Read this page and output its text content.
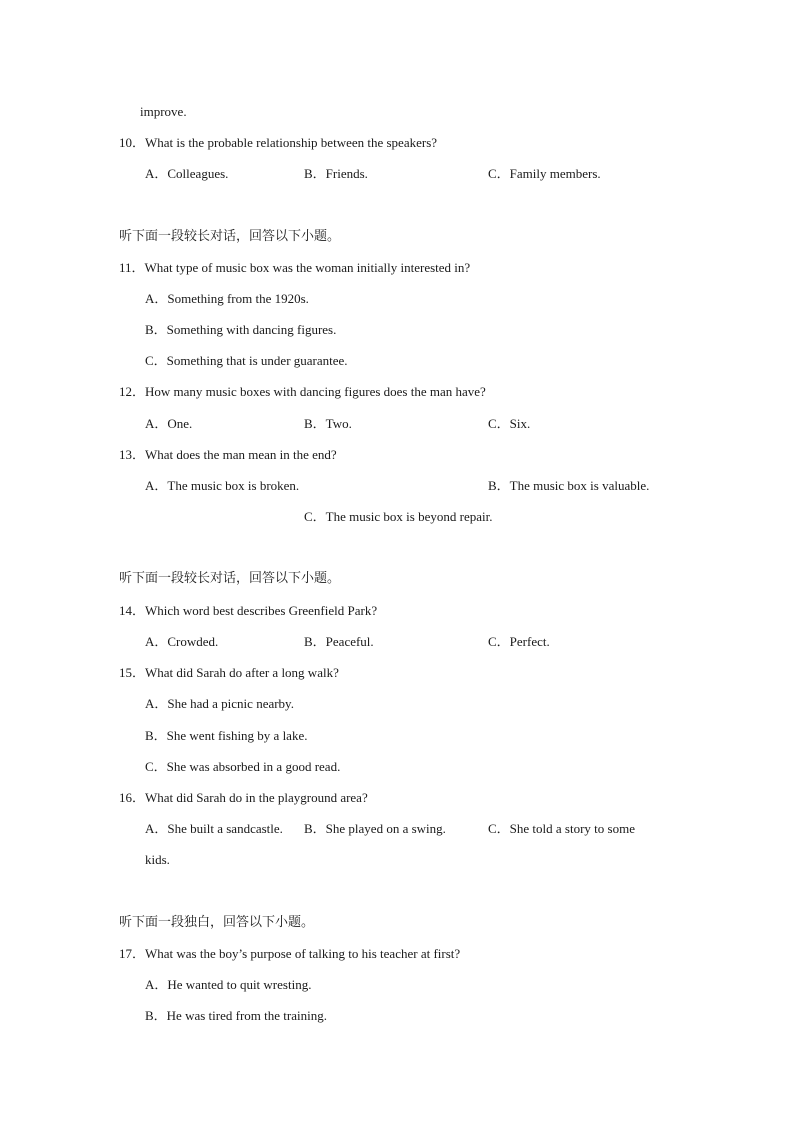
improve.
10．What is the probable relationship between the speakers?
A．Colleagues.	B．Friends.	C．Family members.
听下面一段较长对话，回答以下小题。
11．What type of music box was the woman initially interested in?
A．Something from the 1920s.
B．Something with dancing figures.
C．Something that is under guarantee.
12．How many music boxes with dancing figures does the man have?
A．One.	B．Two.	C．Six.
13．What does the man mean in the end?
A．The music box is broken.	B．The music box is valuable.
C．The music box is beyond repair.
听下面一段较长对话，回答以下小题。
14．Which word best describes Greenfield Park?
A．Crowded.	B．Peaceful.	C．Perfect.
15．What did Sarah do after a long walk?
A．She had a picnic nearby.
B．She went fishing by a lake.
C．She was absorbed in a good read.
16．What did Sarah do in the playground area?
A．She built a sandcastle. B．She played on a swing.	C．She told a story to some
kids.
听下面一段独白，回答以下小题。
17．What was the boy’s purpose of talking to his teacher at first?
A．He wanted to quit wresting.
B．He was tired from the training.
